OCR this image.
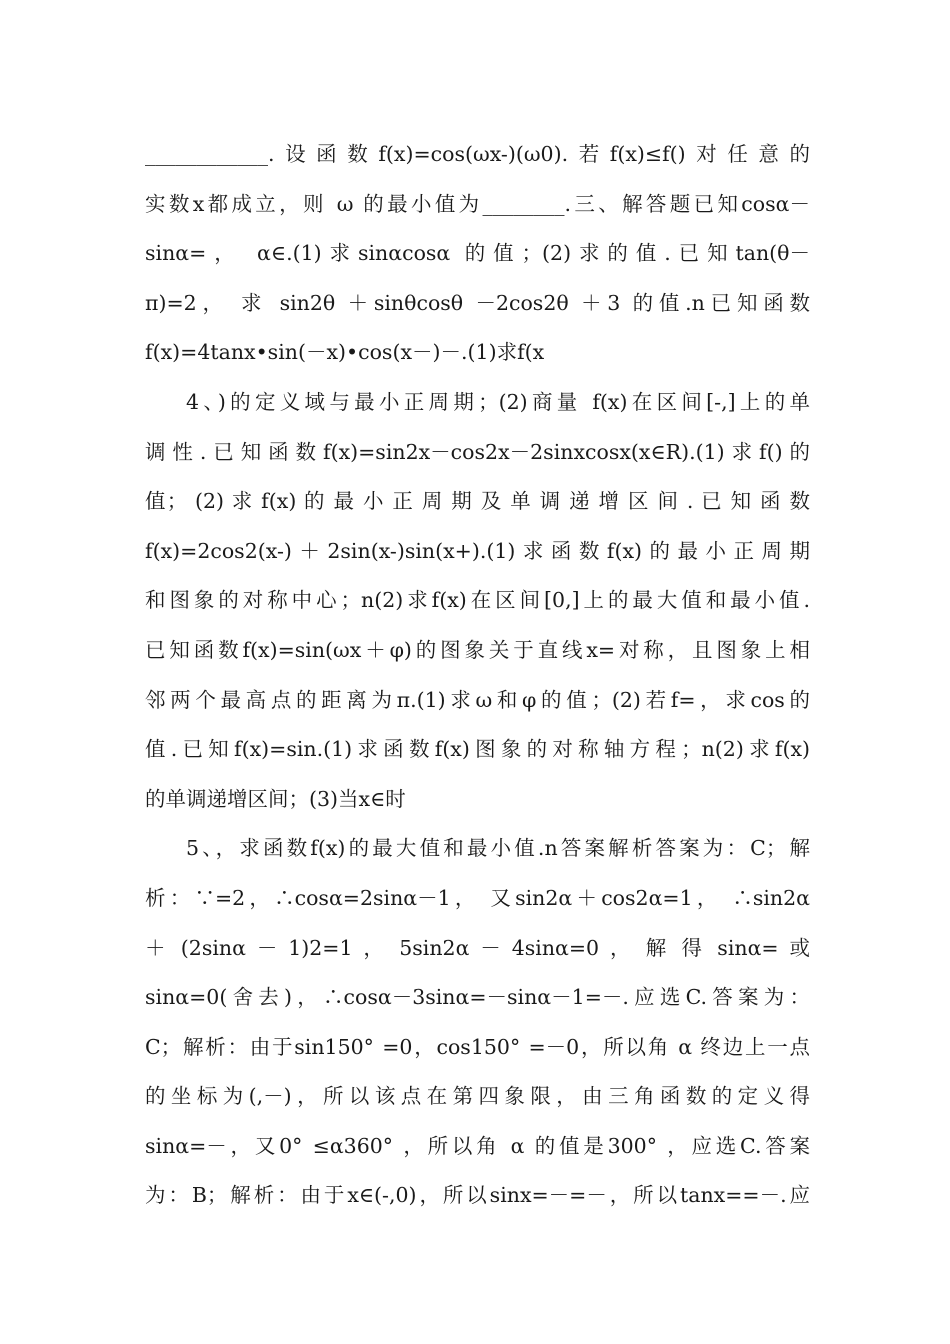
____________.设函数f(x)=cos(ωx-)(ω0).若f(x)≤f()对任意的

实数x都成立，则 ω 的最小值为________.三、解答题已知cosα－

sinα=， α∈.(1)求sinαcosα 的值；(2)求的值.已知tan(θ－

π)=2， 求 sin2θ ＋sinθcosθ －2cos2θ ＋3 的值.n已知函数

f(x)=4tanx•sin(－x)•cos(x－)－.(1)求f(x

4、)的定义域与最小正周期；(2)商量 f(x)在区间[-,]上的单

调性.已知函数f(x)=sin2x－cos2x－2sinxcosx(x∈R).(1)求f()的

值； (2) 求 f(x) 的 最 小 正 周 期 及 单 调 递 增 区 间 . 已 知 函 数

f(x)=2cos2(x-)＋2sin(x-)sin(x+).(1)求函数f(x)的最小正周期

和图象的对称中心；n(2)求f(x)在区间[0,]上的最大值和最小值.

已知函数f(x)=sin(ωx＋φ)的图象关于直线x=对称，且图象上相

邻两个最高点的距离为π.(1)求ω和φ的值；(2)若f=，求cos的

值.已知f(x)=sin.(1)求函数f(x)图象的对称轴方程；n(2)求f(x)

的单调递增区间；(3)当x∈时

5、，求函数f(x)的最大值和最小值.n答案解析答案为：C；解

析：∵=2，∴cosα=2sinα－1， 又sin2α＋cos2α=1， ∴sin2α

＋ (2sinα － 1)2=1 ， 5sin2α － 4sinα=0 ， 解 得 sinα= 或

sinα=0(舍去)，∴cosα－3sinα=－sinα－1=－.应选C.答案为：

C；解析：由于sin150° =0，cos150° =－0，所以角 α 终边上一点

的坐标为(,－)，所以该点在第四象限，由三角函数的定义得

sinα=－，又0° ≤α360° ，所以角 α 的值是300° ，应选C.答案

为：B；解析：由于x∈(-,0)，所以sinx=－=－，所以tanx==－.应
